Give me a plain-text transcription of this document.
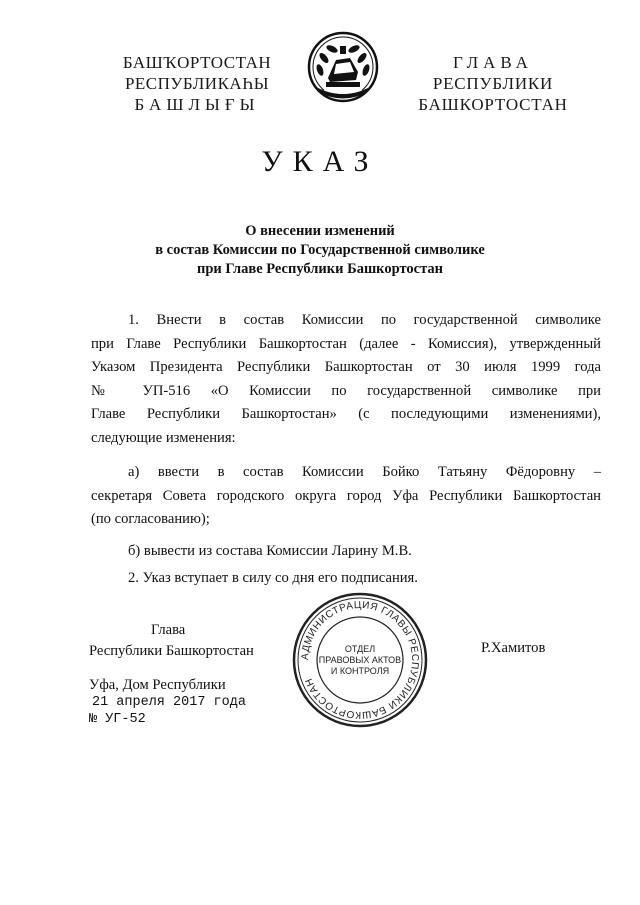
БАШҠОРТОСТАН
РЕСПУБЛИКАҺЫ
БАШЛЫҒЫ
ГЛАВА
РЕСПУБЛИКИ
БАШКОРТОСТАН
УКАЗ
О внесении изменений
в состав Комиссии по Государственной символике
при Главе Республики Башкортостан
1. Внести в состав Комиссии по государственной символике
при Главе Республики Башкортостан (далее - Комиссия), утвержденный
Указом Президента Республики Башкортостан от 30 июля 1999 года
№ УП-516 «О Комиссии по государственной символике при
Главе Республики Башкортостан» (с последующими изменениями),
следующие изменения:
а) ввести в состав Комиссии Бойко Татьяну Фёдоровну –
секретаря Совета городского округа город Уфа Республики Башкортостан
(по согласованию);
б) вывести из состава Комиссии Ларину М.В.
2. Указ вступает в силу со дня его подписания.
Глава
Республики Башкортостан	АДМИНИСТРАЦИЯ ГЛАВЫ РЕСПУБЛИКИ БАШКОРТОСТАН
ОТДЕЛ
ПРАВОВЫХ АКТОВ
И КОНТРОЛЯ
Р.Хамитов
Уфа, Дом Республики
21 апреля 2017 года
№ УГ-52
